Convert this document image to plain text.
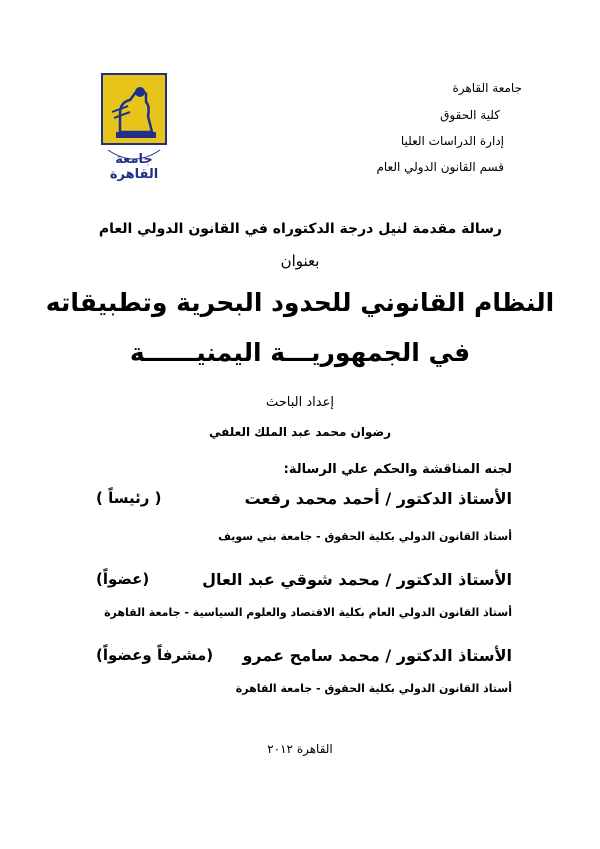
جامعة القاهرة
كلية الحقوق
إدارة الدراسات العليا
قسم القانون الدولي العام
جامعة القاهرة
رسالة مقدمة لنيل درجة الدكتوراه في القانون الدولي العام
بعنوان
النظام القانوني للحدود البحرية وتطبيقاته
في الجمهوريـــة اليمنيــــــة
إعداد الباحث
رضوان محمد عبد الملك العلفي
لجنه المناقشة والحكم علي الرسالة:
الأستاذ الدكتور / أحمد محمد رفعت
( رئيساً )
أستاذ القانون الدولي بكلية الحقوق - جامعة بني سويف
الأستاذ الدكتور / محمد شوقي عبد العال
(عضواً)
أستاذ القانون الدولي العام بكلية الاقتصاد والعلوم السياسية - جامعة القاهرة
الأستاذ الدكتور / محمد سامح عمرو
(مشرفاً وعضواً)
أستاذ القانون الدولي بكلية الحقوق - جامعة القاهرة
القاهرة ٢٠١٢
